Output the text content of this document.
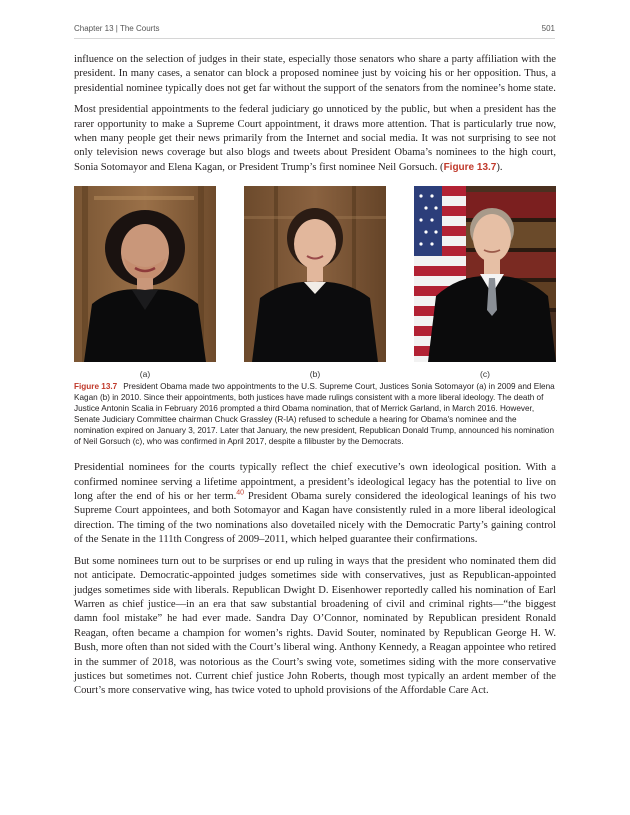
Chapter 13 | The Courts	501

influence on the selection of judges in their state, especially those senators who share a party affiliation with the president. In many cases, a senator can block a proposed nominee just by voicing his or her opposition. Thus, a presidential nominee typically does not get far without the support of the senators from the nominee’s home state.

Most presidential appointments to the federal judiciary go unnoticed by the public, but when a president has the rarer opportunity to make a Supreme Court appointment, it draws more attention. That is particularly true now, when many people get their news primarily from the Internet and social media. It was not surprising to see not only television news coverage but also blogs and tweets about President Obama’s nominees to the high court, Sonia Sotomayor and Elena Kagan, or President Trump’s first nominee Neil Gorsuch. (Figure 13.7).

(a)	(b)	(c)
Figure 13.7 President Obama made two appointments to the U.S. Supreme Court, Justices Sonia Sotomayor (a) in 2009 and Elena Kagan (b) in 2010. Since their appointments, both justices have made rulings consistent with a more liberal ideology. The death of Justice Antonin Scalia in February 2016 prompted a third Obama nomination, that of Merrick Garland, in March 2016. However, Senate Judiciary Committee chairman Chuck Grassley (R-IA) refused to schedule a hearing for Obama's nominee and the nomination expired on January 3, 2017. Later that January, the new president, Republican Donald Trump, announced his nomination of Neil Gorsuch (c), who was confirmed in April 2017, despite a filibuster by the Democrats.

Presidential nominees for the courts typically reflect the chief executive’s own ideological position. With a confirmed nominee serving a lifetime appointment, a president’s ideological legacy has the potential to live on long after the end of his or her term.$^{40}$ President Obama surely considered the ideological leanings of his two Supreme Court appointees, and both Sotomayor and Kagan have consistently ruled in a more liberal ideological direction. The timing of the two nominations also dovetailed nicely with the Democratic Party’s gaining control of the Senate in the 111th Congress of 2009–2011, which helped guarantee their confirmations.

But some nominees turn out to be surprises or end up ruling in ways that the president who nominated them did not anticipate. Democratic-appointed judges sometimes side with conservatives, just as Republican-appointed judges sometimes side with liberals. Republican Dwight D. Eisenhower reportedly called his nomination of Earl Warren as chief justice—in an era that saw substantial broadening of civil and criminal rights—“the biggest damn fool mistake” he had ever made. Sandra Day O’Connor, nominated by Republican president Ronald Reagan, often became a champion for women’s rights. David Souter, nominated by Republican George H. W. Bush, more often than not sided with the Court’s liberal wing. Anthony Kennedy, a Reagan appointee who retired in the summer of 2018, was notorious as the Court’s swing vote, sometimes siding with the more conservative justices but sometimes not. Current chief justice John Roberts, though most typically an ardent member of the Court’s more conservative wing, has twice voted to uphold provisions of the Affordable Care Act.
